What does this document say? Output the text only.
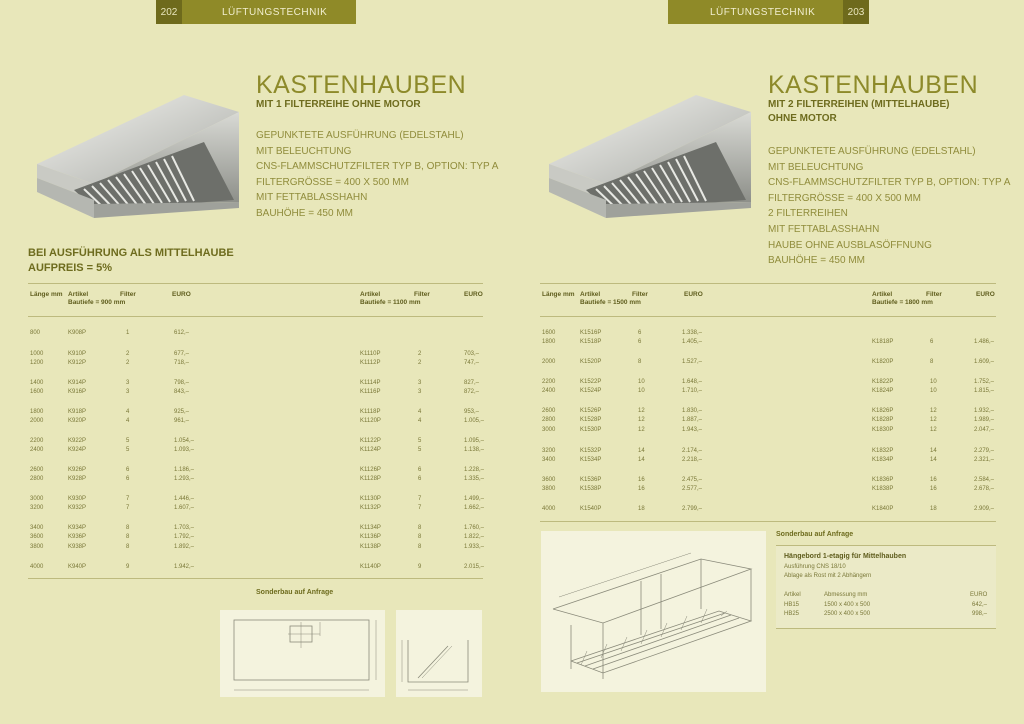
202	LÜFTUNGSTECHNIK	LÜFTUNGSTECHNIK	203
KASTENHAUBEN
MIT 1 FILTERREIHE OHNE MOTOR
GEPUNKTETE AUSFÜHRUNG (EDELSTAHL)
MIT BELEUCHTUNG
CNS-FLAMMSCHUTZFILTER TYP B, OPTION: TYP A
FILTERGRÖSSE = 400 X 500 MM
MIT FETTABLASSHAHN
BAUHÖHE = 450 MM
BEI AUSFÜHRUNG ALS MITTELHAUBE
AUFPREIS = 5%
Länge mm Artikel
Bautiefe = 900 mm
Filter	EURO	Artikel
Bautiefe = 1100 mm
Filter	EURO
800	K908P	1	612,–
1000	K910P	2	677,–	K1110P	2	703,–
1200	K912P	2	718,–	K1112P	2	747,–
1400	K914P	3	798,–	K1114P	3	827,–
1600	K916P	3	843,–	K1116P	3	872,–
1800	K918P	4	925,–	K1118P	4	953,–
2000	K920P	4	961,–	K1120P	4	1.005,–
2200	K922P	5	1.054,–	K1122P	5	1.095,–
2400	K924P	5	1.093,–	K1124P	5	1.138,–
2600	K926P	6	1.186,–	K1126P	6	1.228,–
2800	K928P	6	1.293,–	K1128P	6	1.335,–
3000	K930P	7	1.446,–	K1130P	7	1.499,–
3200	K932P	7	1.607,–	K1132P	7	1.662,–
3400	K934P	8	1.703,–	K1134P	8	1.760,–
3600	K936P	8	1.792,–	K1136P	8	1.822,–
3800	K938P	8	1.892,–	K1138P	8	1.933,–
4000	K940P	9	1.942,–	K1140P	9	2.015,–
Sonderbau auf Anfrage
KASTENHAUBEN
MIT 2 FILTERREIHEN (MITTELHAUBE)
OHNE MOTOR
GEPUNKTETE AUSFÜHRUNG (EDELSTAHL)
MIT BELEUCHTUNG
CNS-FLAMMSCHUTZFILTER TYP B, OPTION: TYP A
FILTERGRÖSSE = 400 X 500 MM
2 FILTERREIHEN
MIT FETTABLASSHAHN
HAUBE OHNE AUSBLASÖFFNUNG
BAUHÖHE = 450 MM
Länge mm Artikel
Bautiefe = 1500 mm
Filter	EURO	Artikel
Bautiefe = 1800 mm
Filter	EURO
1600	K1516P	6	1.338,–
1800	K1518P	6	1.405,–	K1818P	6	1.486,–
2000	K1520P	8	1.527,–	K1820P	8	1.609,–
2200	K1522P	10	1.648,–	K1822P	10	1.752,–
2400	K1524P	10	1.710,–	K1824P	10	1.815,–
2600	K1526P	12	1.830,–	K1826P	12	1.932,–
2800	K1528P	12	1.887,–	K1828P	12	1.989,–
3000	K1530P	12	1.943,–	K1830P	12	2.047,–
3200	K1532P	14	2.174,–	K1832P	14	2.279,–
3400	K1534P	14	2.218,–	K1834P	14	2.321,–
3600	K1536P	16	2.475,–	K1836P	16	2.584,–
3800	K1538P	16	2.577,–	K1838P	16	2.678,–
4000	K1540P	18	2.799,–	K1840P	18	2.909,–
Sonderbau auf Anfrage
Hängebord 1-etagig für Mittelhauben
Ausführung CNS 18/10
Ablage als Rost mit 2 Abhängern
Artikel	Abmessung mm	EURO
HB15	1500 x 400 x 500	642,–
HB25	2500 x 400 x 500	998,–
